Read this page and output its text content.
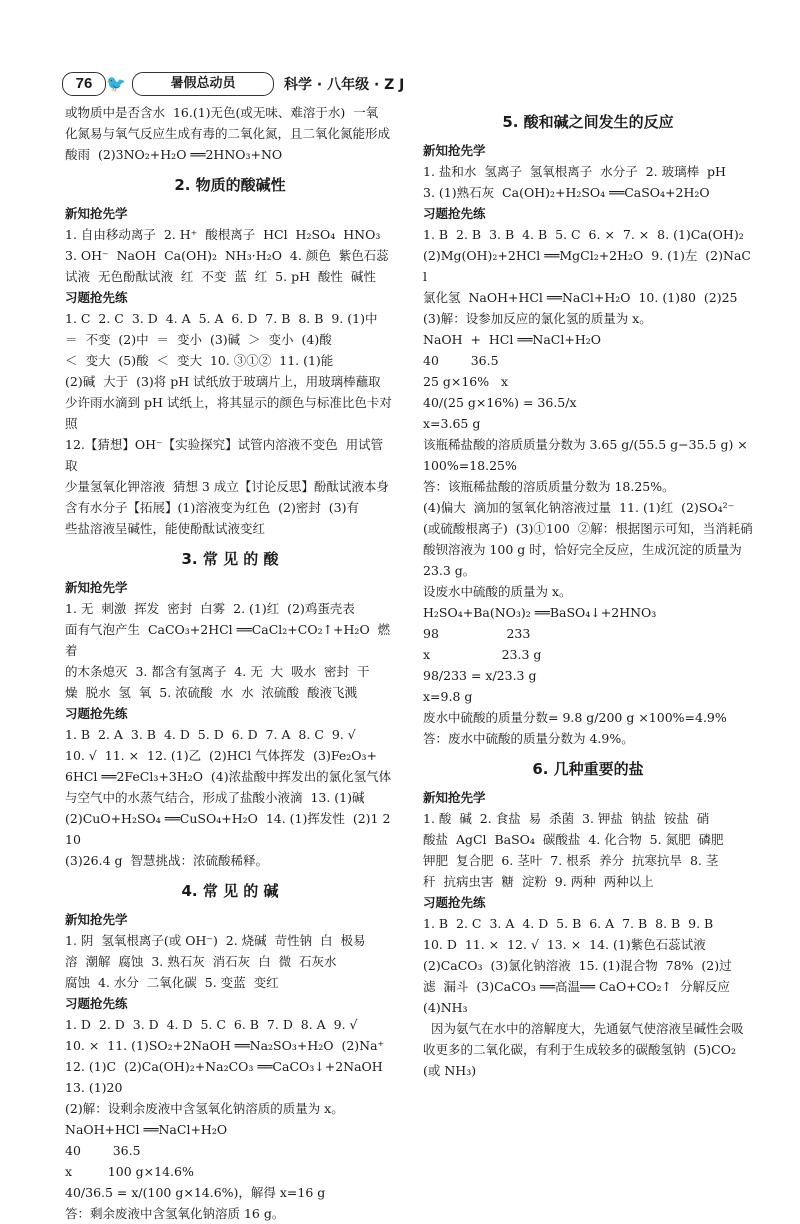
76 🐦	暑假总动员	科学 · 八年级 · Z J
或物质中是否含水  16.(1)无色(或无味、难溶于水)  一氧
化氮易与氧气反应生成有毒的二氧化氮，且二氧化氮能形成
酸雨  (2)3NO₂+H₂O ══2HNO₃+NO
2. 物质的酸碱性
新知抢先学
1. 自由移动离子  2. H⁺  酸根离子  HCl  H₂SO₄  HNO₃
3. OH⁻  NaOH  Ca(OH)₂  NH₃·H₂O  4. 颜色  紫色石蕊
试液  无色酚酞试液  红  不变  蓝  红  5. pH  酸性  碱性
习题抢先练
1. C  2. C  3. D  4. A  5. A  6. D  7. B  8. B  9. (1)中
＝  不变  (2)中  ＝  变小  (3)碱  ＞  变小  (4)酸
＜  变大  (5)酸  ＜  变大  10. ③①②  11. (1)能
(2)碱  大于  (3)将 pH 试纸放于玻璃片上，用玻璃棒蘸取
少许雨水滴到 pH 试纸上，将其显示的颜色与标准比色卡对照
12.【猜想】OH⁻【实验探究】试管内溶液不变色  用试管取
少量氢氧化钾溶液  猜想 3 成立【讨论反思】酚酞试液本身
含有水分子【拓展】(1)溶液变为红色  (2)密封  (3)有
些盐溶液呈碱性，能使酚酞试液变红
3. 常 见 的 酸
新知抢先学
1. 无  刺激  挥发  密封  白雾  2. (1)红  (2)鸡蛋壳表
面有气泡产生  CaCO₃+2HCl ══CaCl₂+CO₂↑+H₂O  燃着
的木条熄灭  3. 都含有氢离子  4. 无  大  吸水  密封  干
燥  脱水  氢  氧  5. 浓硫酸  水  水  浓硫酸  酸液飞溅
习题抢先练
1. B  2. A  3. B  4. D  5. D  6. D  7. A  8. C  9. √
10. √  11. ×  12. (1)乙  (2)HCl 气体挥发  (3)Fe₂O₃+
6HCl ══2FeCl₃+3H₂O  (4)浓盐酸中挥发出的氯化氢气体
与空气中的水蒸气结合，形成了盐酸小液滴  13. (1)碱
(2)CuO+H₂SO₄ ══CuSO₄+H₂O  14. (1)挥发性  (2)1 210
(3)26.4 g  智慧挑战：浓硫酸稀释。
4. 常 见 的 碱
新知抢先学
1. 阴  氢氧根离子(或 OH⁻)  2. 烧碱  苛性钠  白  极易
溶  潮解  腐蚀  3. 熟石灰  消石灰  白  微  石灰水
腐蚀  4. 水分  二氧化碳  5. 变蓝  变红
习题抢先练
1. D  2. D  3. D  4. D  5. C  6. B  7. D  8. A  9. √
10. ×  11. (1)SO₂+2NaOH ══Na₂SO₃+H₂O  (2)Na⁺
12. (1)C  (2)Ca(OH)₂+Na₂CO₃ ══CaCO₃↓+2NaOH
13. (1)20
(2)解：设剩余废液中含氢氧化钠溶质的质量为 x。
NaOH+HCl ══NaCl+H₂O
40        36.5
x         100 g×14.6%
40/36.5 = x/(100 g×14.6%)，解得 x=16 g
答：剩余废液中含氢氧化钠溶质 16 g。
5. 酸和碱之间发生的反应
新知抢先学
1. 盐和水  氢离子  氢氧根离子  水分子  2. 玻璃棒  pH
3. (1)熟石灰  Ca(OH)₂+H₂SO₄ ══CaSO₄+2H₂O
习题抢先练
1. B  2. B  3. B  4. B  5. C  6. ×  7. ×  8. (1)Ca(OH)₂
(2)Mg(OH)₂+2HCl ══MgCl₂+2H₂O  9. (1)左  (2)NaCl
氯化氢  NaOH+HCl ══NaCl+H₂O  10. (1)80  (2)25
(3)解：设参加反应的氯化氢的质量为 x。
NaOH  +  HCl ══NaCl+H₂O
40        36.5
25 g×16%   x
40/(25 g×16%) = 36.5/x
x=3.65 g
该瓶稀盐酸的溶质质量分数为 3.65 g/(55.5 g−35.5 g) ×100%=18.25%
答：该瓶稀盐酸的溶质质量分数为 18.25%。
(4)偏大  滴加的氢氧化钠溶液过量  11. (1)红  (2)SO₄²⁻
(或硫酸根离子)  (3)①100  ②解：根据图示可知，当消耗硝
酸钡溶液为 100 g 时，恰好完全反应，生成沉淀的质量为 23.3 g。
设废水中硫酸的质量为 x。
H₂SO₄+Ba(NO₃)₂ ══BaSO₄↓+2HNO₃
98                 233
x                  23.3 g
98/233 = x/23.3 g
x=9.8 g
废水中硫酸的质量分数= 9.8 g/200 g ×100%=4.9%
答：废水中硫酸的质量分数为 4.9%。
6. 几种重要的盐
新知抢先学
1. 酸  碱  2. 食盐  易  杀菌  3. 钾盐  钠盐  铵盐  硝
酸盐  AgCl  BaSO₄  碳酸盐  4. 化合物  5. 氮肥  磷肥
钾肥  复合肥  6. 茎叶  7. 根系  养分  抗寒抗旱  8. 茎
秆  抗病虫害  糖  淀粉  9. 两种  两种以上
习题抢先练
1. B  2. C  3. A  4. D  5. B  6. A  7. B  8. B  9. B
10. D  11. ×  12. √  13. ×  14. (1)紫色石蕊试液
(2)CaCO₃  (3)氯化钠溶液  15. (1)混合物  78%  (2)过
滤  漏斗  (3)CaCO₃ ══高温══ CaO+CO₂↑  分解反应  (4)NH₃
因为氨气在水中的溶解度大，先通氨气使溶液呈碱性会吸
收更多的二氧化碳，有利于生成较多的碳酸氢钠  (5)CO₂
(或 NH₃)
